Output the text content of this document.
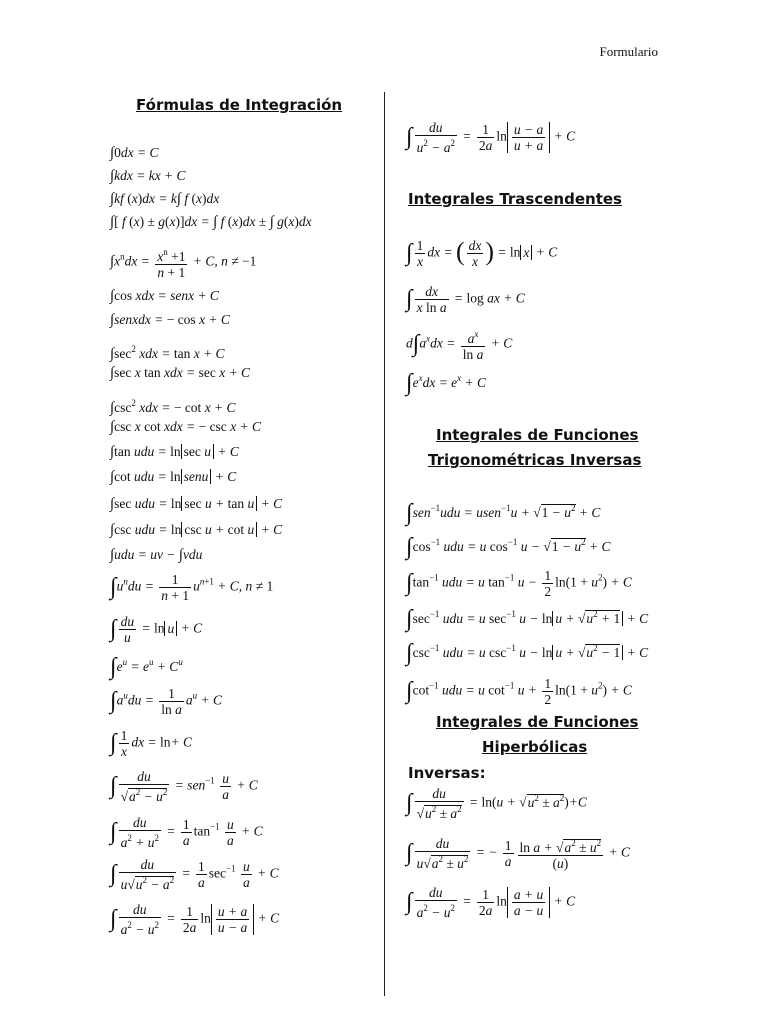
Formulario
Fórmulas de Integración
∫0dx = C
∫kdx = kx + C
∫kf (x)dx = k∫ f (x)dx
∫[ f (x) ± g(x)]dx = ∫ f (x)dx ± ∫ g(x)dx
$\int x^ndx = \frac{x^n +1}{n + 1} + C$, n ≠ −1
∫cos xdx = senx + C
∫senxdx = − cos x + C
$\int\sec^2$ xdx = tan x + C
∫sec x tan xdx = sec x + C
$\int\csc^2$ xdx = − cot x + C
∫csc x cot xdx = − csc x + C
∫tan udu = ln sec u + C
∫cot udu = ln senu + C
∫sec udu = ln sec u + tan u + C
∫csc udu = ln csc u + cot u + C
∫udu = uv − ∫vdu
$\int u^ndu = \frac{1}{n + 1} u^{n+1} + C$, n ≠ 1
∫ $\frac{du}{u} = \ln u + C$
$\int e^u = e^u + C^u$
$\int a^udu = \frac{1}{\text{ln a}} a^u + C$
∫ $\frac{1}{x}$ dx = ln+ C
∫ $\frac{du}{√a^2 - u^2} = sen^{-1} \frac{u}{a} + C$
∫ $\frac{du}{a^2 + u^2} = \frac{1}{a} \tan^{-1} \frac{u}{a} + C$
∫ $\frac{du}{u√u^2 - a^2} = \frac{1}{a} \sec^{-1} \frac{u}{a} + C$
∫ $\frac{du}{a^2 - u^2} = \frac{1}{2a}$ $\ln \frac{u + a}{u - a} + C$
∫ $\frac{du}{u^2 - a^2} = \frac{1}{2a}$ $\ln \frac{u - a}{u + a} + C$
Integrales Trascendentes
∫ $\frac{1}{x}$ dx = ( $\frac{dx}{x}$ ) = ln x + C
∫ $\frac{dx}{\text{x ln a}} = \log$ ax + C
$d\int a^xdx = \frac{a^x}{\text{ln a}} + C$
$\int e^xdx = e^x + C$
Integrales de Funciones
Trigonométricas Inversas
∫sen$^{-1}$udu = usen$^{-1}$u + $√1 - u^2 + C$
$\int\cos^{-1}$ udu = u $\cos^{-1} u - √1 - u^2 + C$
$\int\tan^{-1}$ udu = u $\tan^{-1} u - \frac{1}{2} \ln(1 + u^2) + C$
$\int\sec^{-1}$ udu = u $\sec^{-1} u - \ln u + √u^2 + 1 + C$
$\int\csc^{-1}$ udu = u $\csc^{-1} u - \ln u + √u^2 - 1 + C$
$\int\cot^{-1}$ udu = u $\cot^{-1} u + \frac{1}{2} \ln(1 + u^2) + C$
Integrales de Funciones
Hiperbólicas
Inversas:
∫ $\frac{du}{√u^2 \pm a^2} = \ln(u + √u^2 \pm a^2)+C$
∫ $\frac{du}{u√a^2 \pm u^2}$ = − $\frac{1}{a} \frac{\ln a + √a^2 \pm u^2}{(u)} + C$
∫ $\frac{du}{a^2 - u^2} = \frac{1}{2a}$ $\ln \frac{a + u}{a - u} + C$
